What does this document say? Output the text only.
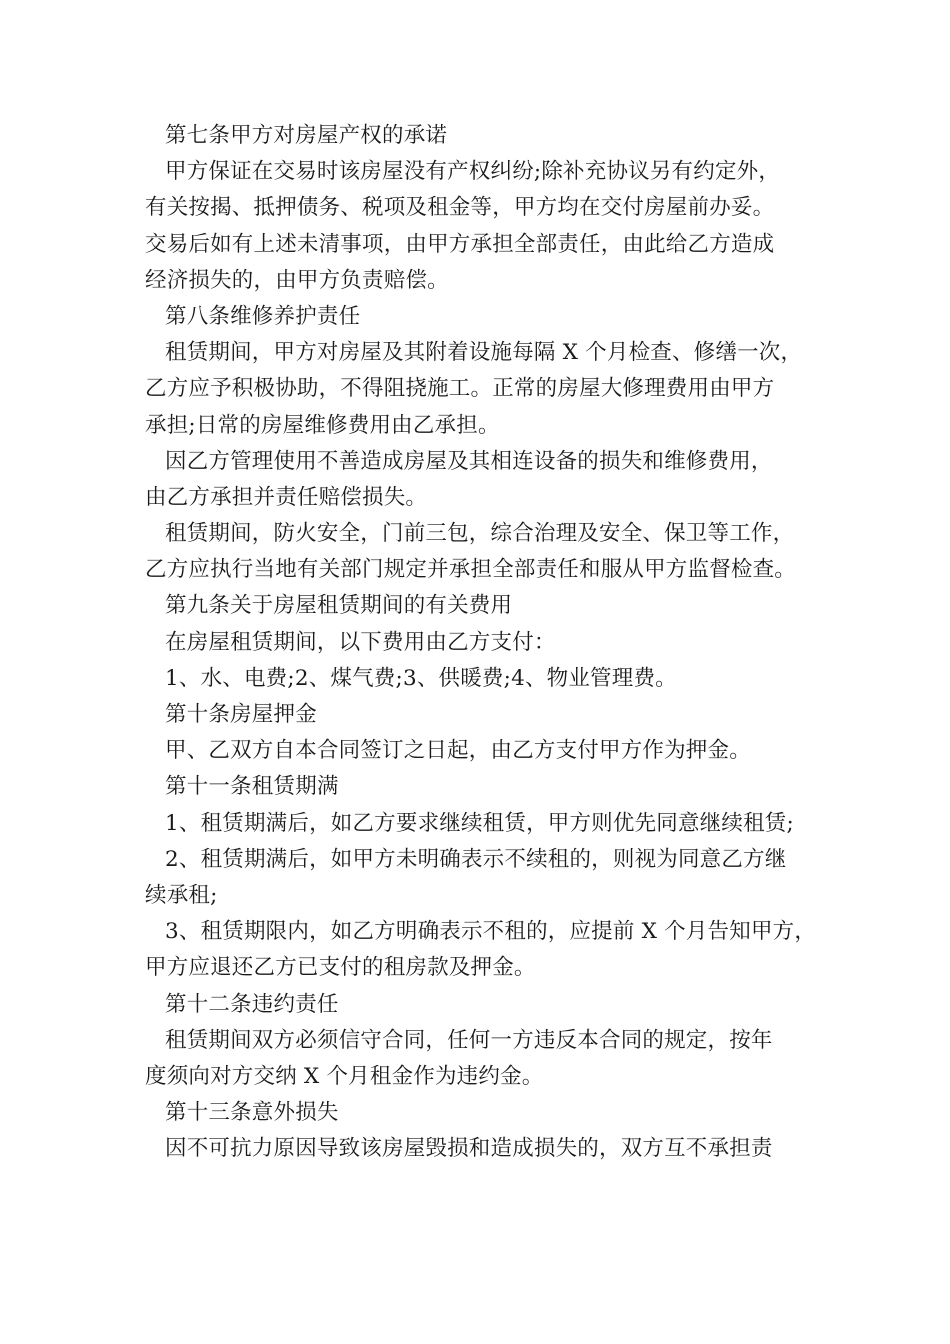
第七条甲方对房屋产权的承诺
甲方保证在交易时该房屋没有产权纠纷;除补充协议另有约定外，
有关按揭、抵押债务、税项及租金等，甲方均在交付房屋前办妥。
交易后如有上述未清事项，由甲方承担全部责任，由此给乙方造成
经济损失的，由甲方负责赔偿。
第八条维修养护责任
租赁期间，甲方对房屋及其附着设施每隔 X 个月检查、修缮一次，
乙方应予积极协助，不得阻挠施工。正常的房屋大修理费用由甲方
承担;日常的房屋维修费用由乙承担。
因乙方管理使用不善造成房屋及其相连设备的损失和维修费用，
由乙方承担并责任赔偿损失。
租赁期间，防火安全，门前三包，综合治理及安全、保卫等工作，
乙方应执行当地有关部门规定并承担全部责任和服从甲方监督检查。
第九条关于房屋租赁期间的有关费用
在房屋租赁期间，以下费用由乙方支付：
1、水、电费;2、煤气费;3、供暖费;4、物业管理费。
第十条房屋押金
甲、乙双方自本合同签订之日起，由乙方支付甲方作为押金。
第十一条租赁期满
1、租赁期满后，如乙方要求继续租赁，甲方则优先同意继续租赁;
2、租赁期满后，如甲方未明确表示不续租的，则视为同意乙方继
续承租;
3、租赁期限内，如乙方明确表示不租的，应提前 X 个月告知甲方，
甲方应退还乙方已支付的租房款及押金。
第十二条违约责任
租赁期间双方必须信守合同，任何一方违反本合同的规定，按年
度须向对方交纳 X 个月租金作为违约金。
第十三条意外损失
因不可抗力原因导致该房屋毁损和造成损失的，双方互不承担责
